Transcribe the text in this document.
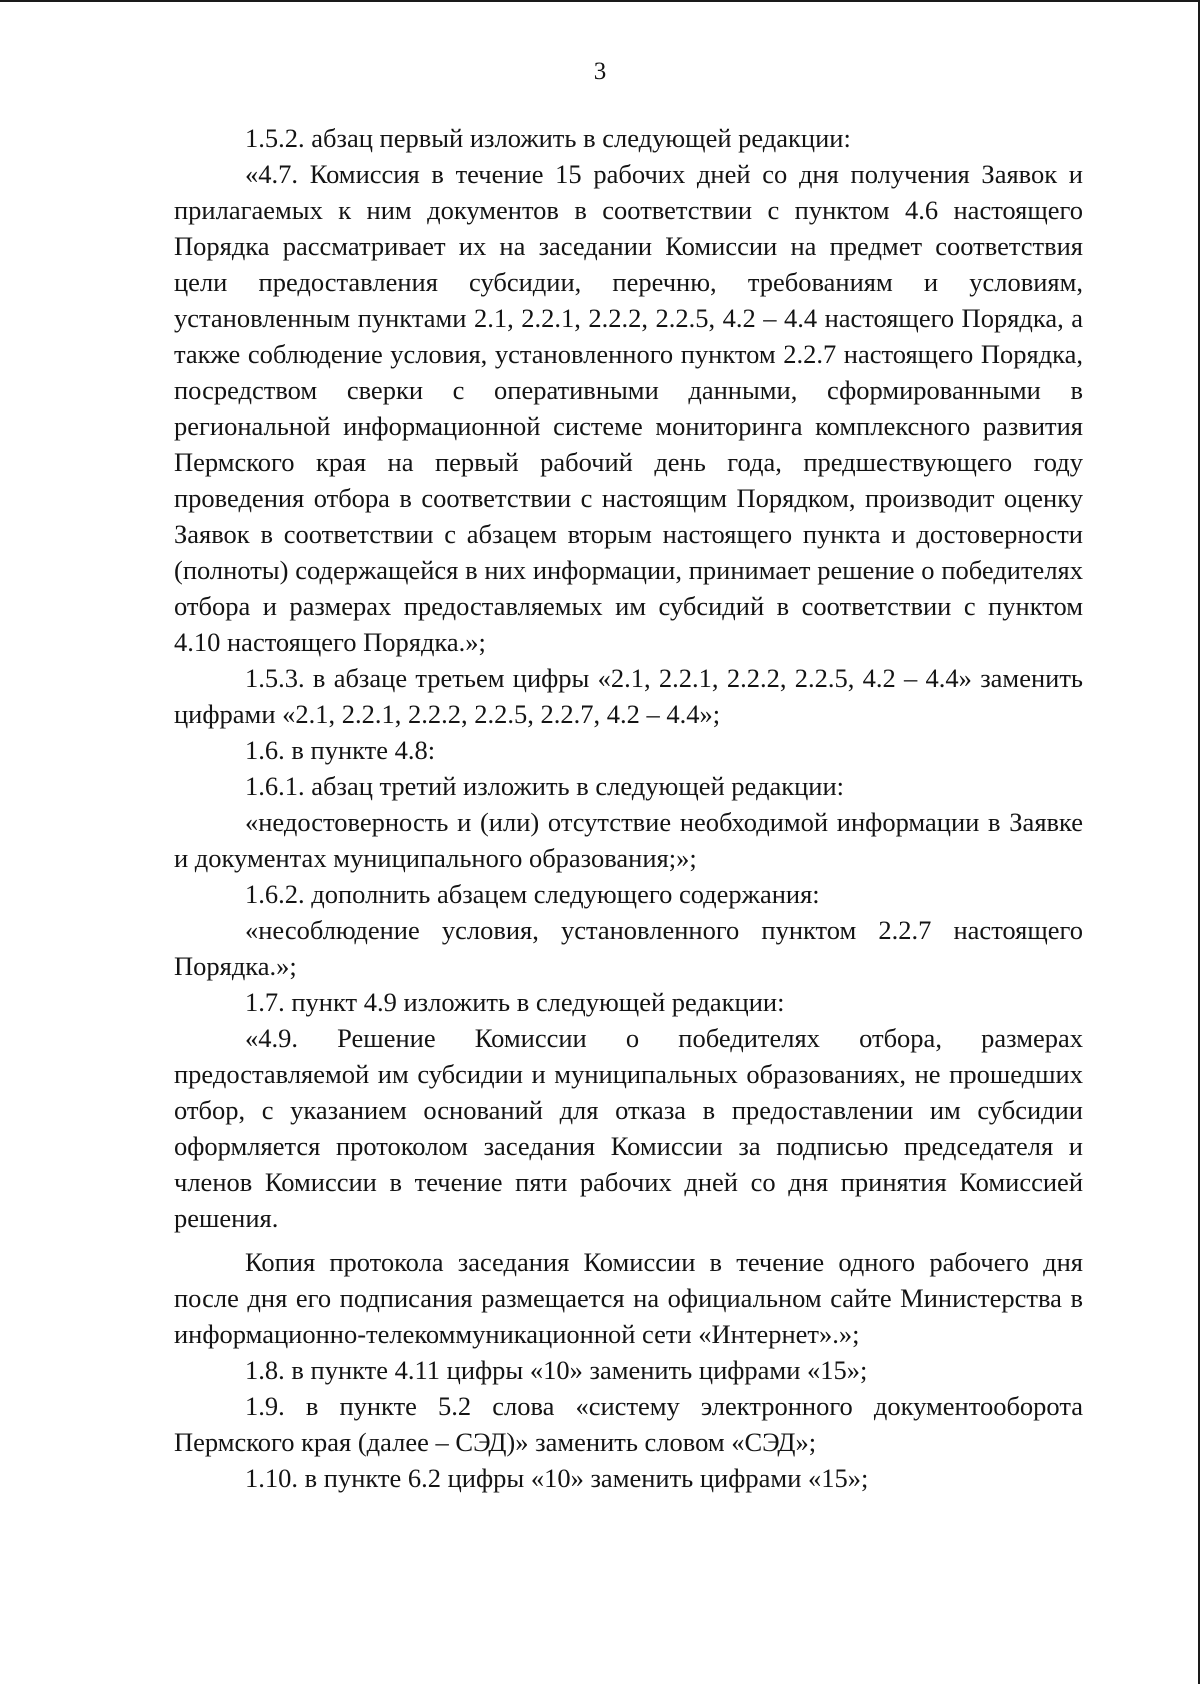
3

1.5.2. абзац первый изложить в следующей редакции:

«4.7. Комиссия в течение 15 рабочих дней со дня получения Заявок и прилагаемых к ним документов в соответствии с пунктом 4.6 настоящего Порядка рассматривает их на заседании Комиссии на предмет соответствия цели предоставления субсидии, перечню, требованиям и условиям, установленным пунктами 2.1, 2.2.1, 2.2.2, 2.2.5, 4.2 – 4.4 настоящего Порядка, а также соблюдение условия, установленного пунктом 2.2.7 настоящего Порядка, посредством сверки с оперативными данными, сформированными в региональной информационной системе мониторинга комплексного развития Пермского края на первый рабочий день года, предшествующего году проведения отбора в соответствии с настоящим Порядком, производит оценку Заявок в соответствии с абзацем вторым настоящего пункта и достоверности (полноты) содержащейся в них информации, принимает решение о победителях отбора и размерах предоставляемых им субсидий в соответствии с пунктом 4.10 настоящего Порядка.»;

1.5.3. в абзаце третьем цифры «2.1, 2.2.1, 2.2.2, 2.2.5, 4.2 – 4.4» заменить цифрами «2.1, 2.2.1, 2.2.2, 2.2.5, 2.2.7, 4.2 – 4.4»;

1.6. в пункте 4.8:

1.6.1. абзац третий изложить в следующей редакции:

«недостоверность и (или) отсутствие необходимой информации в Заявке и документах муниципального образования;»;

1.6.2. дополнить абзацем следующего содержания:

«несоблюдение условия, установленного пунктом 2.2.7 настоящего Порядка.»;

1.7. пункт 4.9 изложить в следующей редакции:

«4.9. Решение Комиссии о победителях отбора, размерах предоставляемой им субсидии и муниципальных образованиях, не прошедших отбор, с указанием оснований для отказа в предоставлении им субсидии оформляется протоколом заседания Комиссии за подписью председателя и членов Комиссии в течение пяти рабочих дней со дня принятия Комиссией решения.

Копия протокола заседания Комиссии в течение одного рабочего дня после дня его подписания размещается на официальном сайте Министерства в информационно-телекоммуникационной сети «Интернет».»;

1.8. в пункте 4.11 цифры «10» заменить цифрами «15»;

1.9. в пункте 5.2 слова «систему электронного документооборота Пермского края (далее – СЭД)» заменить словом «СЭД»;

1.10. в пункте 6.2 цифры «10» заменить цифрами «15»;
